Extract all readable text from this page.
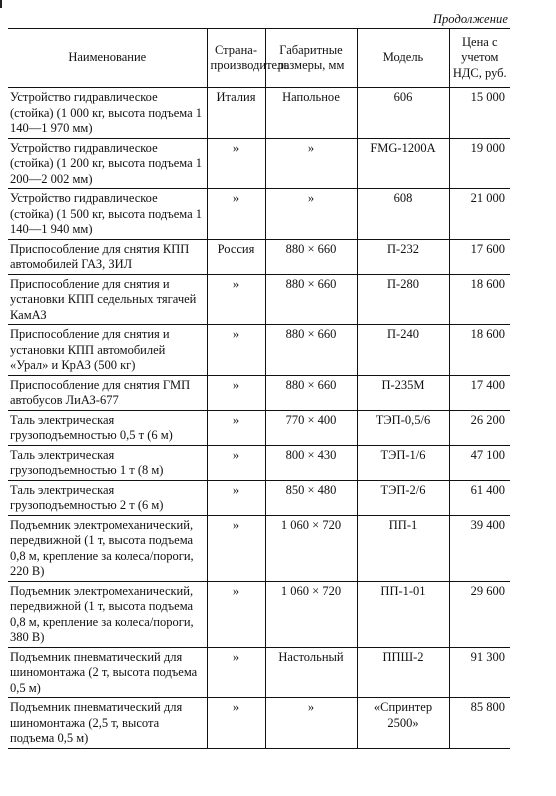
Продолжение
Наименование	Страна-производитель	Габаритные размеры, мм	Модель	Цена с учетом НДС, руб.
Устройство гидравлическое (стойка) (1 000 кг, высота подъема 1 140—1 970 мм)	Италия	Напольное	606	15 000
Устройство гидравлическое (стойка) (1 200 кг, высота подъема 1 200—2 002 мм)	»	»	FMG-1200A	19 000
Устройство гидравлическое (стойка) (1 500 кг, высота подъема 1 140—1 940 мм)	»	»	608	21 000
Приспособление для снятия КПП автомобилей ГАЗ, ЗИЛ	Россия	880 × 660	П-232	17 600
Приспособление для снятия и установки КПП седельных тягачей КамАЗ	»	880 × 660	П-280	18 600
Приспособление для снятия и установки КПП автомобилей «Урал» и КрАЗ (500 кг)	»	880 × 660	П-240	18 600
Приспособление для снятия ГМП автобусов ЛиАЗ-677	»	880 × 660	П-235М	17 400
Таль электрическая грузоподъемностью 0,5 т (6 м)	»	770 × 400	ТЭП-0,5/6	26 200
Таль электрическая грузоподъемностью 1 т (8 м)	»	800 × 430	ТЭП-1/6	47 100
Таль электрическая грузоподъемностью 2 т (6 м)	»	850 × 480	ТЭП-2/6	61 400
Подъемник электромеханический, передвижной (1 т, высота подъема 0,8 м, крепление за колеса/пороги, 220 В)	»	1 060 × 720	ПП-1	39 400
Подъемник электромеханический, передвижной (1 т, высота подъема 0,8 м, крепление за колеса/пороги, 380 В)	»	1 060 × 720	ПП-1-01	29 600
Подъемник пневматический для шиномонтажа (2 т, высота подъема 0,5 м)	»	Настольный	ППШ-2	91 300
Подъемник пневматический для шиномонтажа (2,5 т, высота подъема 0,5 м)	»	»	«Спринтер 2500»	85 800
